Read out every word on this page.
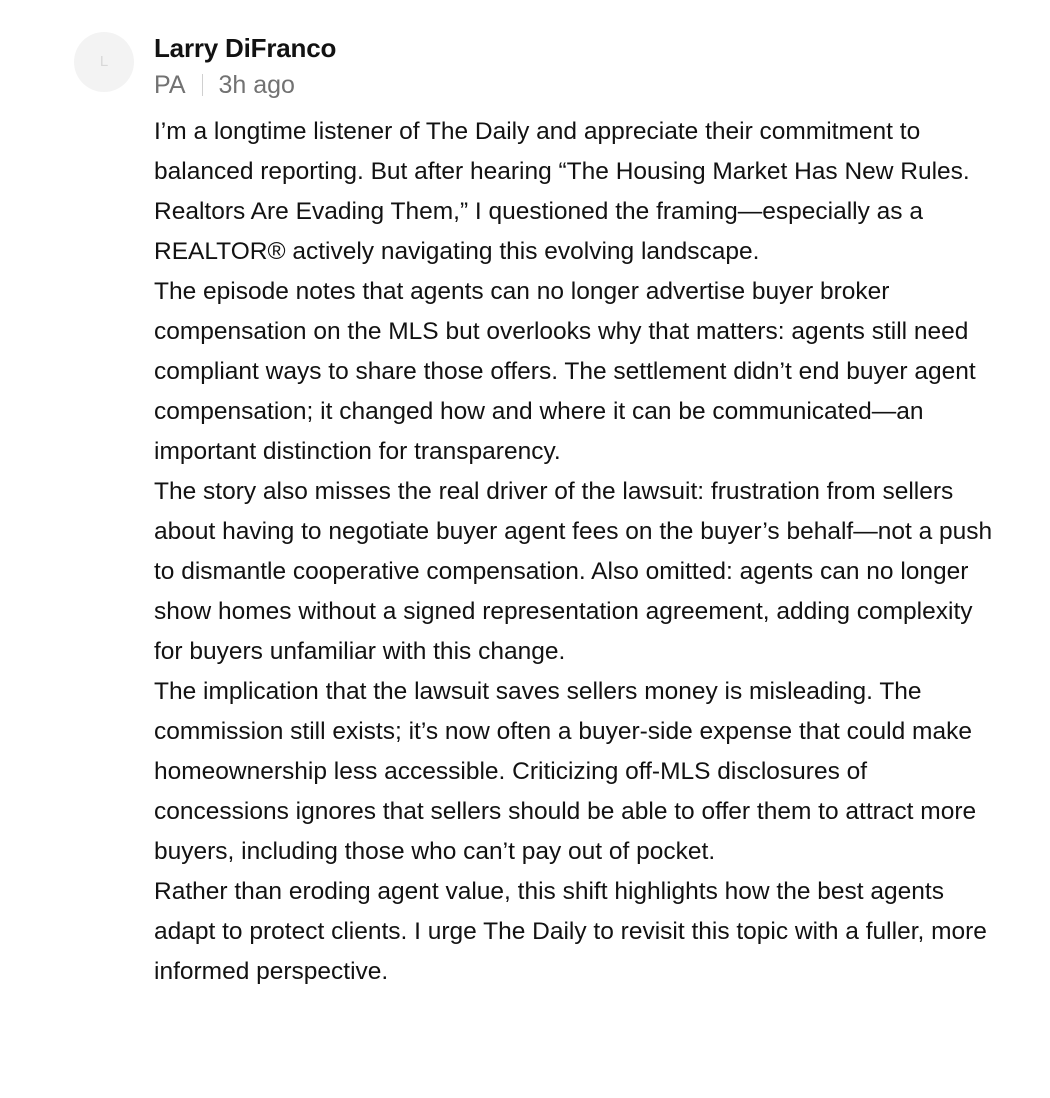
L	Larry DiFranco
PA 3h ago

I’m a longtime listener of The Daily and appreciate their commitment to balanced reporting. But after hearing “The Housing Market Has New Rules. Realtors Are Evading Them,” I questioned the framing—especially as a REALTOR® actively navigating this evolving landscape.

The episode notes that agents can no longer advertise buyer broker compensation on the MLS but overlooks why that matters: agents still need compliant ways to share those offers. The settlement didn’t end buyer agent compensation; it changed how and where it can be communicated—an important distinction for transparency.

The story also misses the real driver of the lawsuit: frustration from sellers about having to negotiate buyer agent fees on the buyer’s behalf—not a push to dismantle cooperative compensation. Also omitted: agents can no longer show homes without a signed representation agreement, adding complexity for buyers unfamiliar with this change.

The implication that the lawsuit saves sellers money is misleading. The commission still exists; it’s now often a buyer-side expense that could make homeownership less accessible. Criticizing off-MLS disclosures of concessions ignores that sellers should be able to offer them to attract more buyers, including those who can’t pay out of pocket.

Rather than eroding agent value, this shift highlights how the best agents adapt to protect clients. I urge The Daily to revisit this topic with a fuller, more informed perspective.
